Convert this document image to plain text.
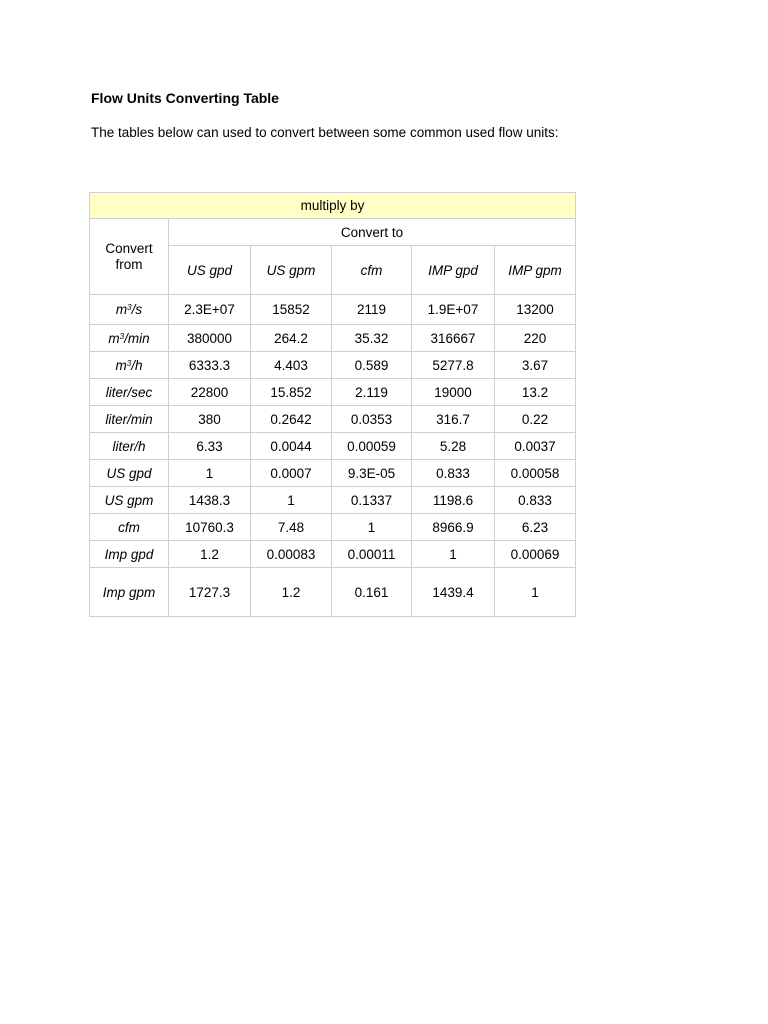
Flow Units Converting Table

The tables below can used to convert between some common used flow units:

multiply by					
Convert from	Convert to				
	US gpd	US gpm	cfm	IMP gpd	IMP gpm
$m^3/s$	2.3E+07	15852	2119	1.9E+07	13200
$m^3/\min$	380000	264.2	35.32	316667	220
$m^3/h$	6333.3	4.403	0.589	5277.8	3.67
liter/sec	22800	15.852	2.119	19000	13.2
liter/min	380	0.2642	0.0353	316.7	0.22
liter/h	6.33	0.0044	0.00059	5.28	0.0037
US gpd	1	0.0007	9.3E-05	0.833	0.00058
US gpm	1438.3	1	0.1337	1198.6	0.833
cfm	10760.3	7.48	1	8966.9	6.23
Imp gpd	1.2	0.00083	0.00011	1	0.00069
Imp gpm	1727.3	1.2	0.161	1439.4	1
